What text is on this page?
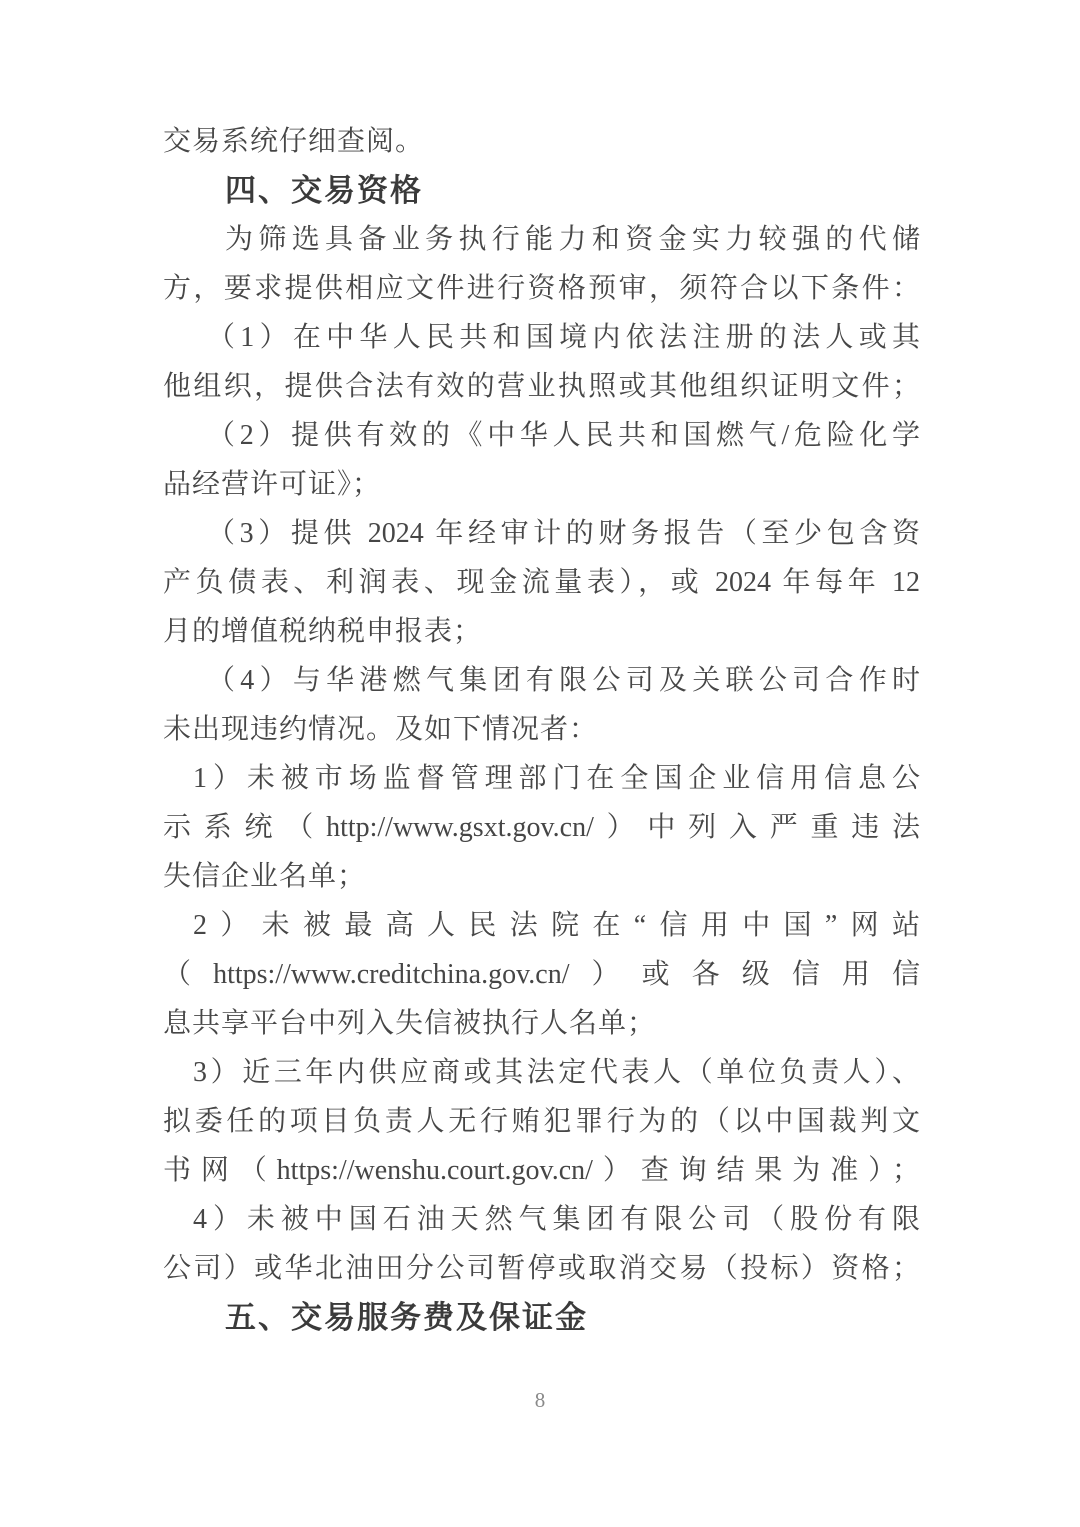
交易系统仔细查阅。
四、交易资格
为筛选具备业务执行能力和资金实力较强的代储
方，要求提供相应文件进行资格预审，须符合以下条件：
（1）在中华人民共和国境内依法注册的法人或其
他组织，提供合法有效的营业执照或其他组织证明文件；
（2）提供有效的《中华人民共和国燃气/危险化学
品经营许可证》；
（3）提供 2024 年经审计的财务报告（至少包含资
产负债表、利润表、现金流量表），或 2024 年每年 12
月的增值税纳税申报表；
（4）与华港燃气集团有限公司及关联公司合作时
未出现违约情况。及如下情况者：
1）未被市场监督管理部门在全国企业信用信息公
示系统（http://www.gsxt.gov.cn/）中列入严重违法
失信企业名单；
2）未被最高人民法院在“信用中国”网站
（https://www.creditchina.gov.cn/）或各级信用信
息共享平台中列入失信被执行人名单；
3）近三年内供应商或其法定代表人（单位负责人）、
拟委任的项目负责人无行贿犯罪行为的（以中国裁判文
书网（https://wenshu.court.gov.cn/）查询结果为准）；
4）未被中国石油天然气集团有限公司（股份有限
公司）或华北油田分公司暂停或取消交易（投标）资格；
五、交易服务费及保证金
8
